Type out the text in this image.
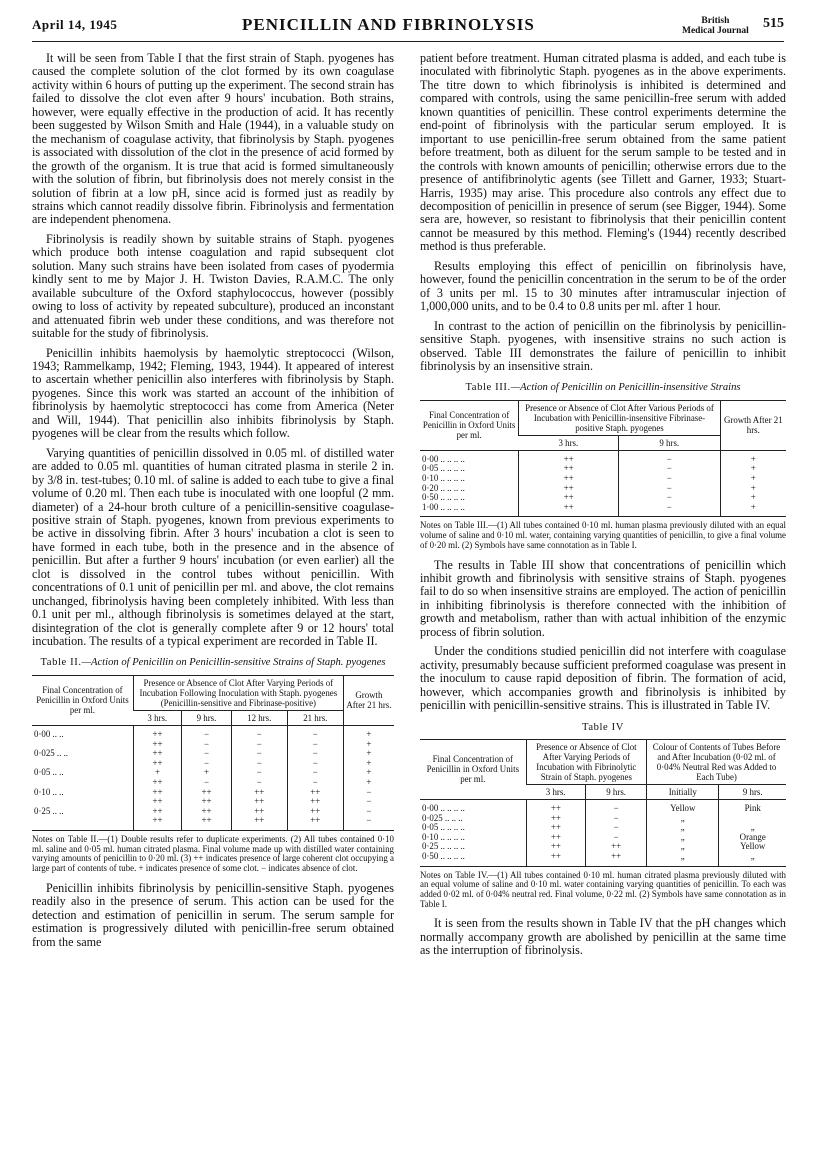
April 14, 1945	PENICILLIN AND FIBRINOLYSIS	British
Medical Journal 515

It will be seen from Table I that the first strain of Staph. pyogenes has caused the complete solution of the clot formed by its own coagulase activity within 6 hours of putting up the experiment. The second strain has failed to dissolve the clot even after 9 hours' incubation. Both strains, however, were equally effective in the production of acid. It has recently been suggested by Wilson Smith and Hale (1944), in a valuable study on the mechanism of coagulase activity, that fibrinolysis by Staph. pyogenes is associated with dissolution of the clot in the presence of acid formed by the growth of the organism. It is true that acid is formed simultaneously with the solution of fibrin, but fibrinolysis does not merely consist in the solution of fibrin at a low pH, since acid is formed just as readily by strains which cannot readily dissolve fibrin. Fibrinolysis and fermentation are independent phenomena.

Fibrinolysis is readily shown by suitable strains of Staph. pyogenes which produce both intense coagulation and rapid subsequent clot solution. Many such strains have been isolated from cases of pyodermia kindly sent to me by Major J. H. Twiston Davies, R.A.M.C. The only available subculture of the Oxford staphylococcus, however (possibly owing to loss of activity by repeated subculture), produced an inconstant and attenuated fibrin web under these conditions, and was therefore not suitable for the study of fibrinolysis.

Penicillin inhibits haemolysis by haemolytic streptococci (Wilson, 1943; Rammelkamp, 1942; Fleming, 1943, 1944). It appeared of interest to ascertain whether penicillin also interferes with fibrinolysis by Staph. pyogenes. Since this work was started an account of the inhibition of fibrinolysis by haemolytic streptococci has come from America (Neter and Will, 1944). That penicillin also inhibits fibrinolysis by Staph. pyogenes will be clear from the results which follow.

Varying quantities of penicillin dissolved in 0.05 ml. of distilled water are added to 0.05 ml. quantities of human citrated plasma in sterile 2 in. by 3/8 in. test-tubes; 0.10 ml. of saline is added to each tube to give a final volume of 0.20 ml. Then each tube is inoculated with one loopful (2 mm. diameter) of a 24-hour broth culture of a penicillin-sensitive coagulase-positive strain of Staph. pyogenes, known from previous experiments to be active in dissolving fibrin. After 3 hours' incubation a clot is seen to have formed in each tube, both in the presence and in the absence of penicillin. But after a further 9 hours' incubation (or even earlier) all the clot is dissolved in the control tubes without penicillin. With concentrations of 0.1 unit of penicillin per ml. and above, the clot remains unchanged, fibrinolysis having been completely inhibited. With less than 0.1 unit per ml., although fibrinolysis is sometimes delayed at the start, disintegration of the clot is generally complete after 9 or 12 hours' total incubation. The results of a typical experiment are recorded in Table II.

Table II.—Action of Penicillin on Penicillin-sensitive Strains of Staph. pyogenes
Final Concentration of Penicillin in Oxford Units per ml.	Presence or Absence of Clot After Varying Periods of Incubation Following Inoculation with Staph. pyogenes (Penicillin-sensitive and Fibrinase-positive)				Growth After 21 hrs.
	3 hrs.	9 hrs.	12 hrs.	21 hrs.	
0·00 .. ..	++	−	−	−	+
	++	−	−	−	+
0·025 .. ..	++	−	−	−	+
	++	−	−	−	+
0·05 .. ..	+	+	−	−	+
	++	−	−	−	+
0·10 .. ..	++	++	++	++	−
	++	++	++	++	−
0·25 .. ..	++	++	++	++	−
	++	++	++	++	−
Notes on Table II.—(1) Double results refer to duplicate experiments. (2) All tubes contained 0·10 ml. saline and 0·05 ml. human citrated plasma. Final volume made up with distilled water containing varying amounts of penicillin to 0·20 ml. (3) ++ indicates presence of large coherent clot occupying a large part of contents of tube. + indicates presence of some clot. − indicates absence of clot.

Penicillin inhibits fibrinolysis by penicillin-sensitive Staph. pyogenes readily also in the presence of serum. This action can be used for the detection and estimation of penicillin in serum. The serum sample for estimation is progressively diluted with penicillin-free serum obtained from the same

patient before treatment. Human citrated plasma is added, and each tube is inoculated with fibrinolytic Staph. pyogenes as in the above experiments. The titre down to which fibrinolysis is inhibited is determined and compared with controls, using the same penicillin-free serum with added known quantities of penicillin. These control experiments determine the end-point of fibrinolysis with the particular serum employed. It is important to use penicillin-free serum obtained from the same patient before treatment, both as diluent for the serum sample to be tested and in the controls with known amounts of penicillin; otherwise errors due to the presence of antifibrinolytic agents (see Tillett and Garner, 1933; Stuart-Harris, 1935) may arise. This procedure also controls any effect due to decomposition of penicillin in presence of serum (see Bigger, 1944). Some sera are, however, so resistant to fibrinolysis that their penicillin content cannot be measured by this method. Fleming's (1944) recently described method is thus preferable.

Results employing this effect of penicillin on fibrinolysis have, however, found the penicillin concentration in the serum to be of the order of 3 units per ml. 15 to 30 minutes after intramuscular injection of 1,000,000 units, and to be 0.4 to 0.8 units per ml. after 1 hour.

In contrast to the action of penicillin on the fibrinolysis by penicillin-sensitive Staph. pyogenes, with insensitive strains no such action is observed. Table III demonstrates the failure of penicillin to inhibit fibrinolysis by an insensitive strain.

Table III.—Action of Penicillin on Penicillin-insensitive Strains
Final Concentration of Penicillin in Oxford Units per ml.	Presence or Absence of Clot After Various Periods of Incubation with Penicillin-insensitive Fibrinase-positive Staph. pyogenes		Growth After 21 hrs.
	3 hrs.	9 hrs.	
0·00 .. .. .. ..	++	−	+
0·05 .. .. .. ..	++	−	+
0·10 .. .. .. ..	++	−	+
0·20 .. .. .. ..	++	−	+
0·50 .. .. .. ..	++	−	+
1·00 .. .. .. ..	++	−	+
Notes on Table III.—(1) All tubes contained 0·10 ml. human plasma previously diluted with an equal volume of saline and 0·10 ml. water, containing varying quantities of penicillin, to give a final volume of 0·20 ml. (2) Symbols have same connotation as in Table I.

The results in Table III show that concentrations of penicillin which inhibit growth and fibrinolysis with sensitive strains of Staph. pyogenes fail to do so when insensitive strains are employed. The action of penicillin in inhibiting fibrinolysis is therefore connected with the inhibition of growth and metabolism, rather than with actual inhibition of the enzymic process of fibrin solution.

Under the conditions studied penicillin did not interfere with coagulase activity, presumably because sufficient preformed coagulase was present in the inoculum to cause rapid deposition of fibrin. The formation of acid, however, which accompanies growth and fibrinolysis is inhibited by penicillin with penicillin-sensitive strains. This is illustrated in Table IV.

Table IV
Final Concentration of Penicillin in Oxford Units per ml.	Presence or Absence of Clot After Varying Periods of Incubation with Fibrinolytic Strain of Staph. pyogenes		Colour of Contents of Tubes Before and After Incubation (0·02 ml. of 0·04% Neutral Red was Added to Each Tube)	
	3 hrs.	9 hrs.	Initially	9 hrs.
0·00 .. .. .. ..	++	−	Yellow	Pink
0·025 .. .. ..	++	−	„	
0·05 .. .. .. ..	++	−	„	„
0·10 .. .. .. ..	++	−	„	Orange
0·25 .. .. .. ..	++	++	„	Yellow
0·50 .. .. .. ..	++	++	„	„
Notes on Table IV.—(1) All tubes contained 0·10 ml. human citrated plasma previously diluted with an equal volume of saline and 0·10 ml. water containing varying quantities of penicillin. To each was added 0·02 ml. of 0·04% neutral red. Final volume, 0·22 ml. (2) Symbols have same connotation as in Table I.

It is seen from the results shown in Table IV that the pH changes which normally accompany growth are abolished by penicillin at the same time as the interruption of fibrinolysis.
